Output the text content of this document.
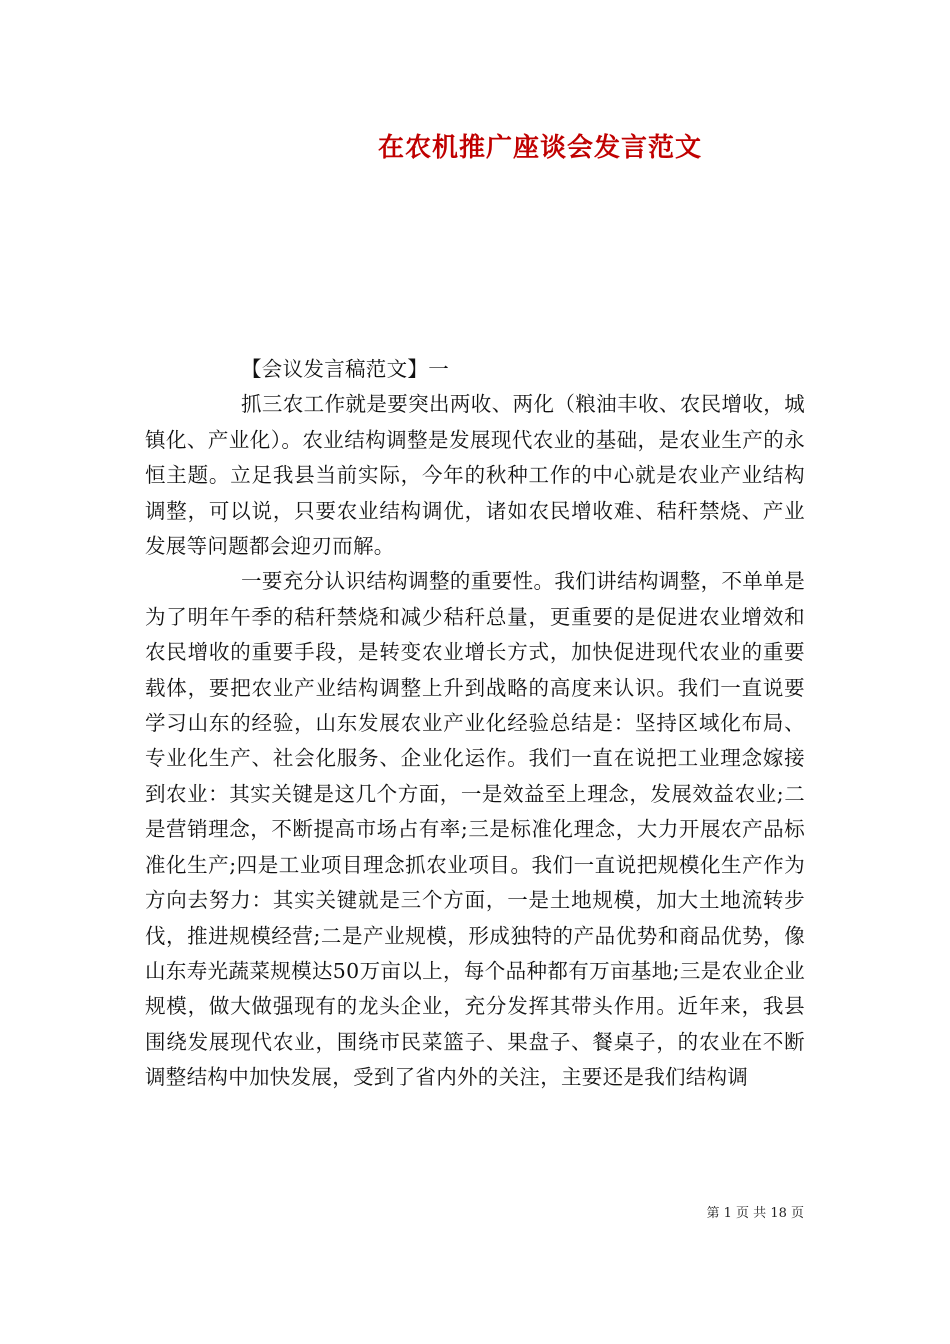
在农机推广座谈会发言范文

【会议发言稿范文】一

抓三农工作就是要突出两收、两化（粮油丰收、农民增收，城镇化、产业化）。农业结构调整是发展现代农业的基础，是农业生产的永恒主题。立足我县当前实际，今年的秋种工作的中心就是农业产业结构调整，可以说，只要农业结构调优，诸如农民增收难、秸秆禁烧、产业发展等问题都会迎刃而解。

一要充分认识结构调整的重要性。我们讲结构调整，不单单是为了明年午季的秸秆禁烧和减少秸秆总量，更重要的是促进农业增效和农民增收的重要手段，是转变农业增长方式，加快促进现代农业的重要载体，要把农业产业结构调整上升到战略的高度来认识。我们一直说要学习山东的经验，山东发展农业产业化经验总结是：坚持区域化布局、专业化生产、社会化服务、企业化运作。我们一直在说把工业理念嫁接到农业：其实关键是这几个方面，一是效益至上理念，发展效益农业;二是营销理念，不断提高市场占有率;三是标准化理念，大力开展农产品标准化生产;四是工业项目理念抓农业项目。我们一直说把规模化生产作为方向去努力：其实关键就是三个方面，一是土地规模，加大土地流转步伐，推进规模经营;二是产业规模，形成独特的产品优势和商品优势，像山东寿光蔬菜规模达50万亩以上，每个品种都有万亩基地;三是农业企业规模，做大做强现有的龙头企业，充分发挥其带头作用。近年来，我县围绕发展现代农业，围绕市民菜篮子、果盘子、餐桌子，的农业在不断调整结构中加快发展，受到了省内外的关注，主要还是我们结构调

第 1 页 共 18 页
